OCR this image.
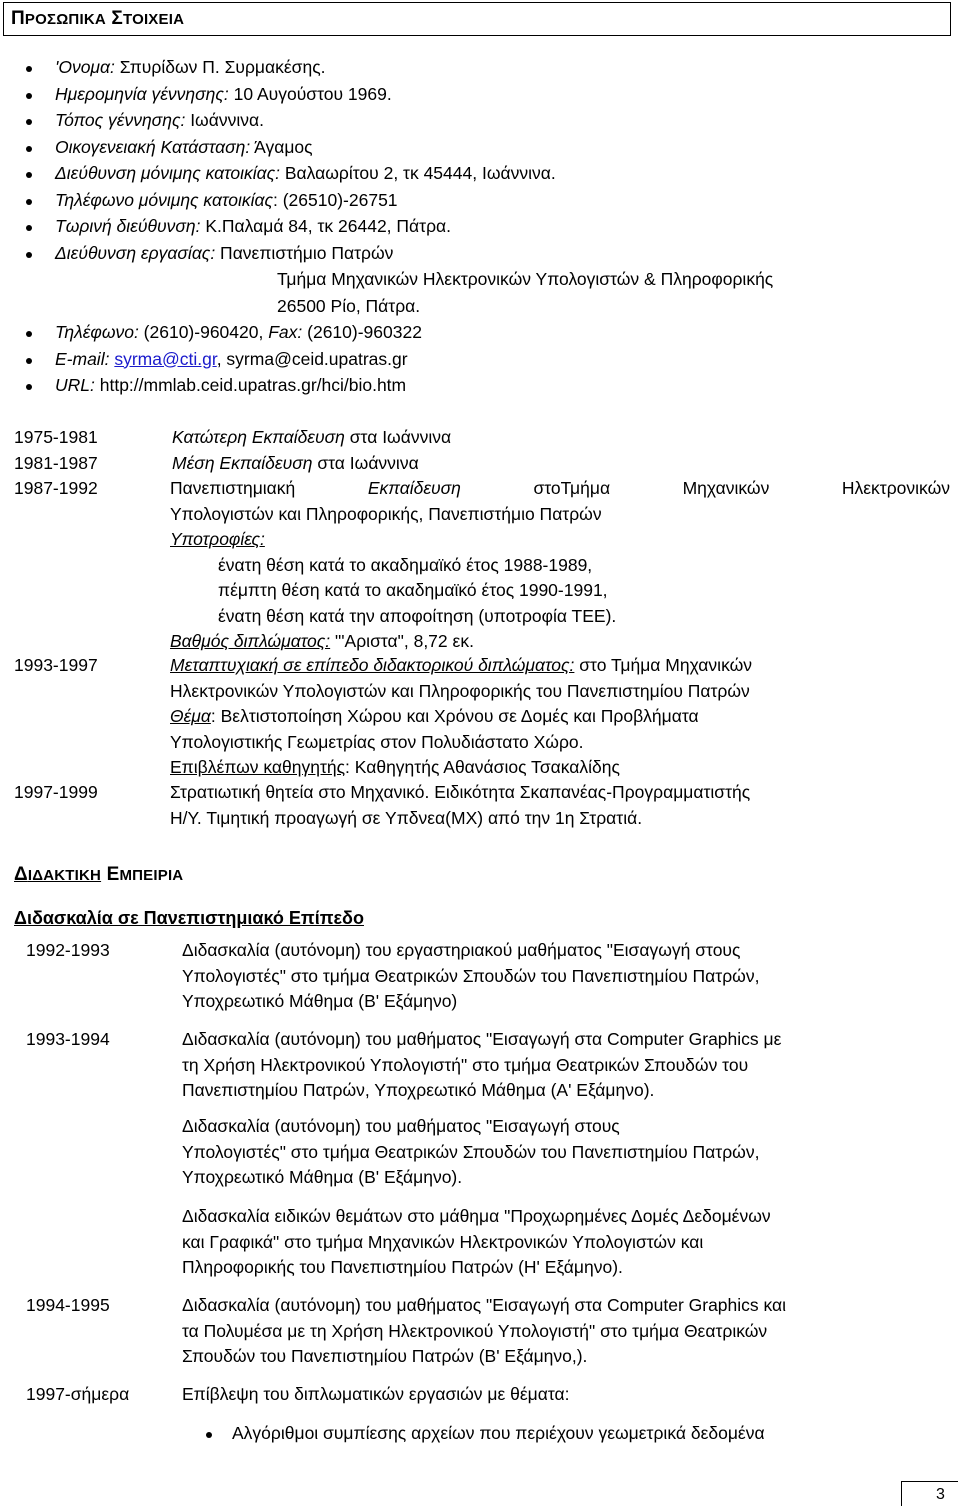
ΠΡΟΣΩΠΙΚΑ ΣΤΟΙΧΕΙΑ
'Ονομα: Σπυρίδων Π. Συρμακέσης.
Ημερομηνία γέννησης: 10 Αυγούστου 1969.
Τόπος γέννησης: Ιωάννινα.
Οικογενειακή Κατάσταση: Άγαμος
Διεύθυνση μόνιμης κατοικίας: Βαλαωρίτου 2, τκ 45444, Ιωάννινα.
Τηλέφωνο μόνιμης κατοικίας: (26510)-26751
Τωρινή διεύθυνση: Κ.Παλαμά 84, τκ 26442, Πάτρα.
Διεύθυνση εργασίας: Πανεπιστήμιο Πατρών
Τμήμα Μηχανικών Ηλεκτρονικών Υπολογιστών & Πληροφορικής
26500 Ρίο, Πάτρα.
Τηλέφωνο: (2610)-960420, Fax: (2610)-960322
E-mail: syrma@cti.gr, syrma@ceid.upatras.gr
URL: http://mmlab.ceid.upatras.gr/hci/bio.htm
1975-1981	Κατώτερη Εκπαίδευση στα Ιωάννινα
1981-1987	Μέση Εκπαίδευση στα Ιωάννινα
1987-1992	Πανεπιστημιακή	Εκπαίδευση	στοΤμήμα	Μηχανικών	Ηλεκτρονικών
Υπολογιστών και Πληροφορικής, Πανεπιστήμιο Πατρών
Υποτροφίες:
ένατη θέση κατά το ακαδημαϊκό έτος 1988-1989,
πέμπτη θέση κατά το ακαδημαϊκό έτος 1990-1991,
ένατη θέση κατά την αποφοίτηση (υποτροφία ΤΕΕ).
Βαθμός διπλώματος: "'Αριστα", 8,72 εκ.
1993-1997	Μεταπτυχιακή σε επίπεδο διδακτορικού διπλώματος: στο Τμήμα Μηχανικών
Ηλεκτρονικών Υπολογιστών και Πληροφορικής του Πανεπιστημίου Πατρών
Θέμα: Βελτιστοποίηση Χώρου και Χρόνου σε Δομές και Προβλήματα
Υπολογιστικής Γεωμετρίας στον Πολυδιάστατο Χώρο.
Επιβλέπων καθηγητής: Καθηγητής Αθανάσιος Τσακαλίδης
1997-1999	Στρατιωτική θητεία στο Μηχανικό. Ειδικότητα Σκαπανέας-Προγραμματιστής
Η/Υ. Τιμητική προαγωγή σε Υπδνεα(ΜΧ) από την 1η Στρατιά.
ΔΙΔΑΚΤΙΚΗ ΕΜΠΕΙΡΙΑ
Διδασκαλία σε Πανεπιστημιακό Επίπεδο
1992-1993	Διδασκαλία (αυτόνομη) του εργαστηριακού μαθήματος "Εισαγωγή στους
Υπολογιστές" στο τμήμα Θεατρικών Σπουδών του Πανεπιστημίου Πατρών,
Υποχρεωτικό Μάθημα (Β' Εξάμηνο)
1993-1994	Διδασκαλία (αυτόνομη) του μαθήματος "Εισαγωγή στα Computer Graphics με
τη Χρήση Ηλεκτρονικού Υπολογιστή" στο τμήμα Θεατρικών Σπουδών του
Πανεπιστημίου Πατρών, Υποχρεωτικό Μάθημα (Α' Εξάμηνο).
Διδασκαλία (αυτόνομη) του μαθήματος "Εισαγωγή στους
Υπολογιστές" στο τμήμα Θεατρικών Σπουδών του Πανεπιστημίου Πατρών,
Υποχρεωτικό Μάθημα (Β' Εξάμηνο).
Διδασκαλία ειδικών θεμάτων στο μάθημα "Προχωρημένες Δομές Δεδομένων
και Γραφικά" στο τμήμα Μηχανικών Ηλεκτρονικών Υπολογιστών και
Πληροφορικής του Πανεπιστημίου Πατρών (Η' Εξάμηνο).
1994-1995	Διδασκαλία (αυτόνομη) του μαθήματος "Εισαγωγή στα Computer Graphics και
τα Πολυμέσα με τη Χρήση Ηλεκτρονικού Υπολογιστή" στο τμήμα Θεατρικών
Σπουδών του Πανεπιστημίου Πατρών (Β' Εξάμηνο,).
1997-σήμερα	Επίβλεψη του διπλωματικών εργασιών με θέματα:
Αλγόριθμοι συμπίεσης αρχείων που περιέχουν γεωμετρικά δεδομένα
3
